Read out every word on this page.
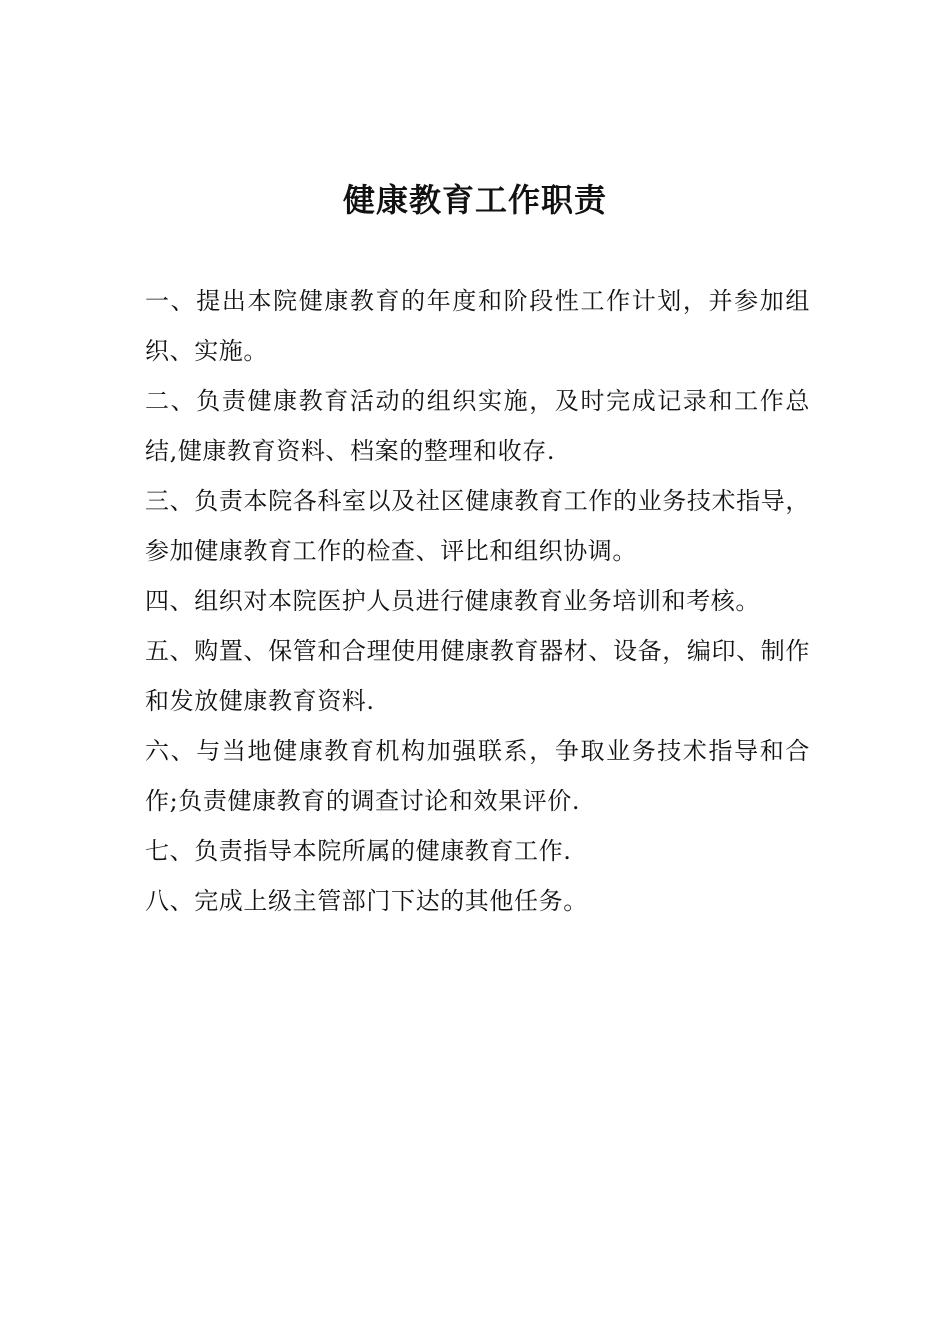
健康教育工作职责
一、提出本院健康教育的年度和阶段性工作计划，并参加组织、实施。
二、负责健康教育活动的组织实施，及时完成记录和工作总结,健康教育资料、档案的整理和收存.
三、负责本院各科室以及社区健康教育工作的业务技术指导，参加健康教育工作的检查、评比和组织协调。
四、组织对本院医护人员进行健康教育业务培训和考核。
五、购置、保管和合理使用健康教育器材、设备，编印、制作和发放健康教育资料.
六、与当地健康教育机构加强联系，争取业务技术指导和合作;负责健康教育的调查讨论和效果评价.
七、负责指导本院所属的健康教育工作.
八、完成上级主管部门下达的其他任务。
